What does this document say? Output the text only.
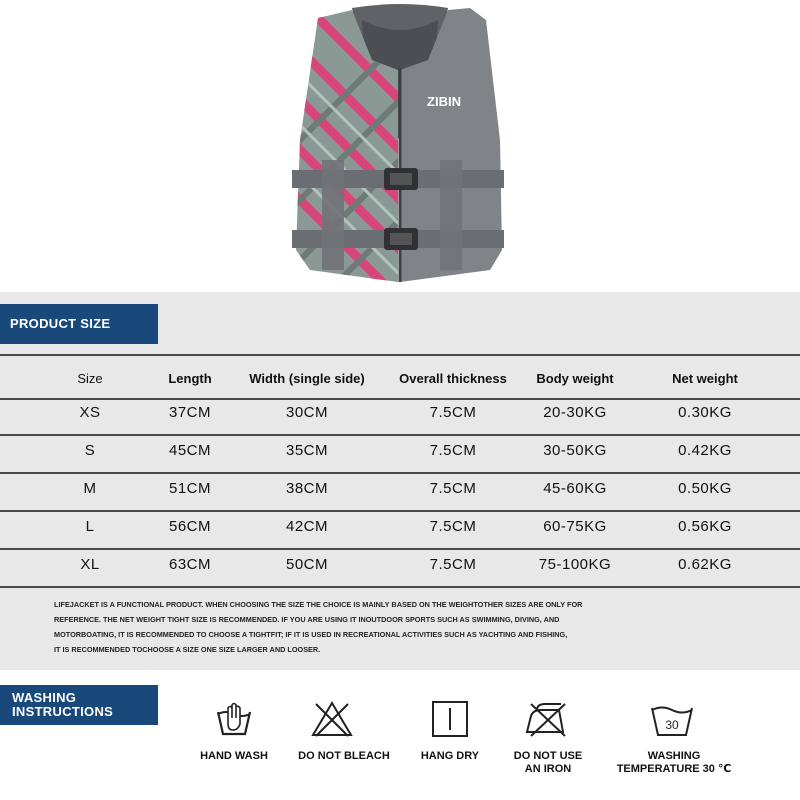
ZIBIN
PRODUCT SIZE
Size	Length	Width (single side)	Overall thickness	Body weight	Net weight
XS	37CM	30CM	7.5CM	20-30KG	0.30KG
S	45CM	35CM	7.5CM	30-50KG	0.42KG
M	51CM	38CM	7.5CM	45-60KG	0.50KG
L	56CM	42CM	7.5CM	60-75KG	0.56KG
XL	63CM	50CM	7.5CM	75-100KG	0.62KG
LIFEJACKET IS A FUNCTIONAL PRODUCT. WHEN CHOOSING THE SIZE THE CHOICE IS MAINLY BASED ON THE WEIGHTOTHER SIZES ARE ONLY FOR
REFERENCE. THE NET WEIGHT TIGHT SIZE IS RECOMMENDED. IF YOU ARE USING IT INOUTDOOR SPORTS SUCH AS SWIMMING, DIVING, AND
MOTORBOATING, IT IS RECOMMENDED TO CHOOSE A TIGHTFIT; IF IT IS USED IN RECREATIONAL ACTIVITIES SUCH AS YACHTING AND FISHING,
IT IS RECOMMENDED TOCHOOSE A SIZE ONE SIZE LARGER AND LOOSER.
WASHING
INSTRUCTIONS
HAND WASH	DO NOT BLEACH	HANG DRY	DO NOT USE
AN IRON
30
WASHING
TEMPERATURE 30 ℃
